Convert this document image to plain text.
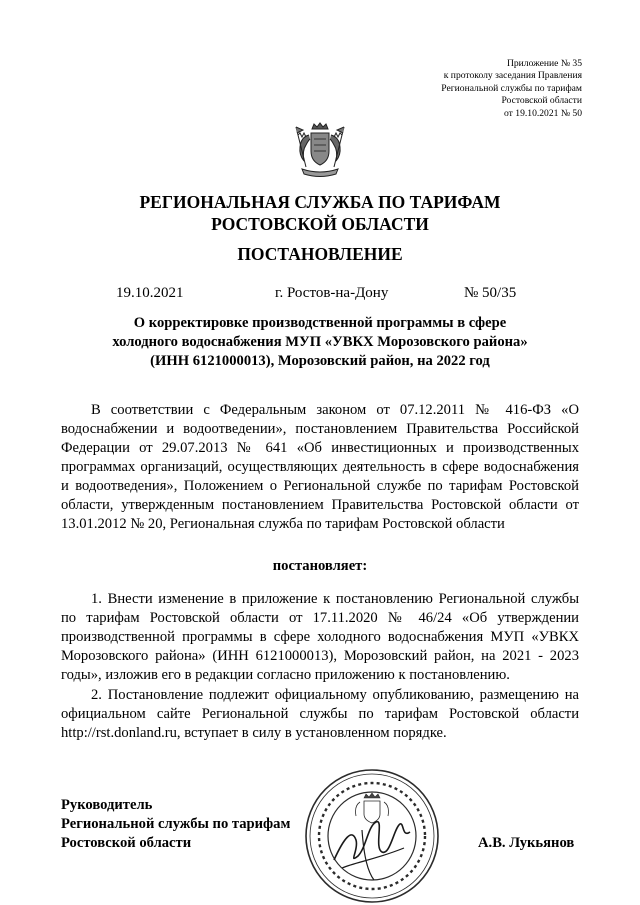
Приложение № 35
к протоколу заседания Правления
Региональной службы по тарифам
Ростовской области
от 19.10.2021 № 50
РЕГИОНАЛЬНАЯ СЛУЖБА ПО ТАРИФАМ
РОСТОВСКОЙ ОБЛАСТИ
ПОСТАНОВЛЕНИЕ
19.10.2021	г. Ростов-на-Дону	№ 50/35
О корректировке производственной программы в сфере
холодного водоснабжения МУП «УВКХ Морозовского района»
(ИНН 6121000013), Морозовский район, на 2022 год
В соответствии с Федеральным законом от 07.12.2011 № 416-ФЗ «О водоснабжении и водоотведении», постановлением Правительства Российской Федерации от 29.07.2013 № 641 «Об инвестиционных и производственных программах организаций, осуществляющих деятельность в сфере водоснабжения и водоотведения», Положением о Региональной службе по тарифам Ростовской области, утвержденным постановлением Правительства Ростовской области от 13.01.2012 № 20, Региональная служба по тарифам Ростовской области
постановляет:
1. Внести изменение в приложение к постановлению Региональной службы по тарифам Ростовской области от 17.11.2020 № 46/24 «Об утверждении производственной программы в сфере холодного водоснабжения МУП «УВКХ Морозовского района» (ИНН 6121000013), Морозовский район, на 2021 - 2023 годы», изложив его в редакции согласно приложению к постановлению.
2. Постановление подлежит официальному опубликованию, размещению на официальном сайте Региональной службы по тарифам Ростовской области http://rst.donland.ru, вступает в силу в установленном порядке.
Руководитель
Региональной службы по тарифам
Ростовской области	А.В. Лукьянов
